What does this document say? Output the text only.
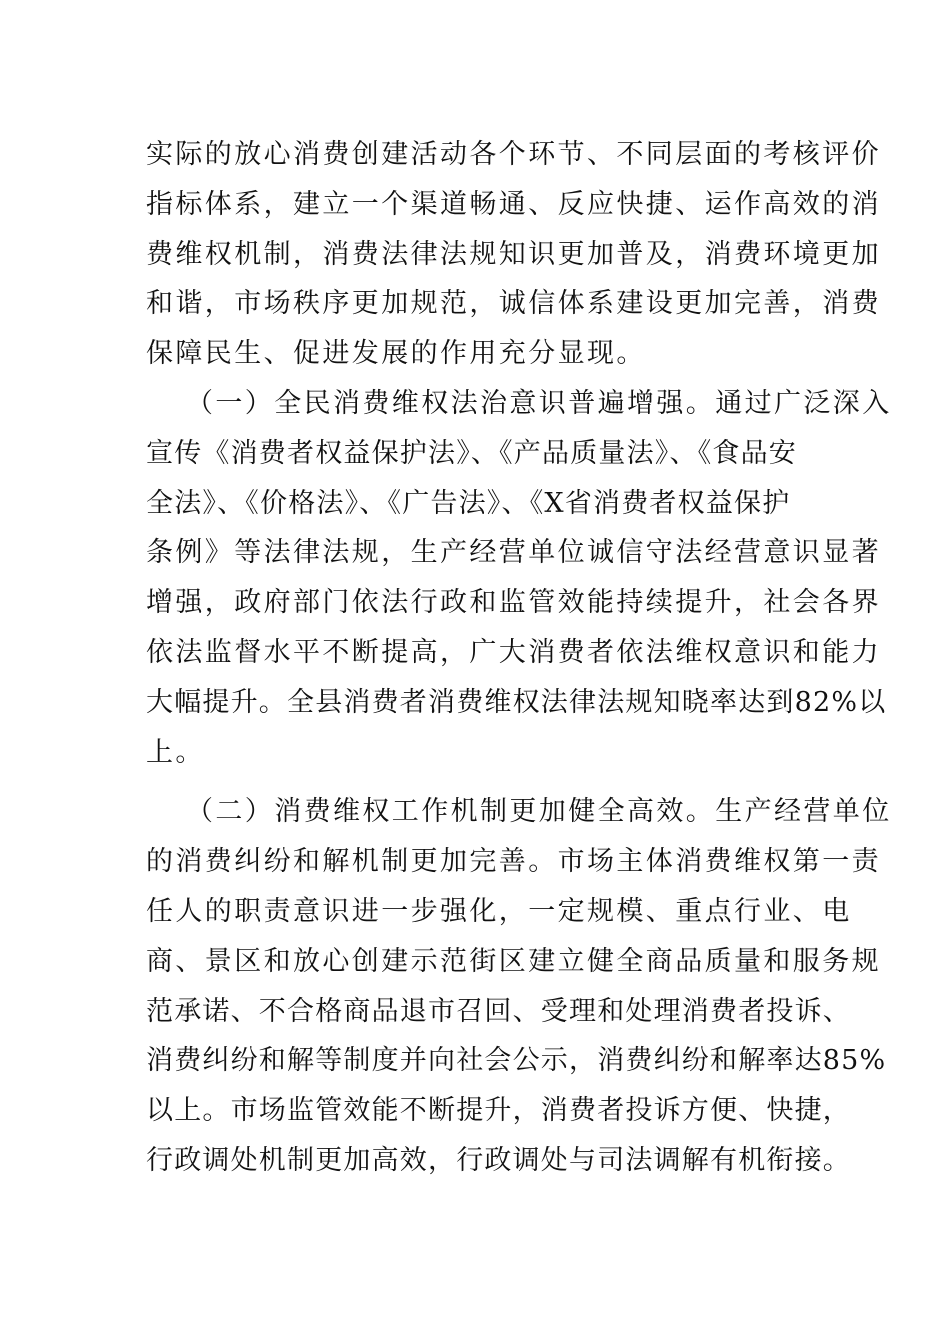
实际的放心消费创建活动各个环节、不同层面的考核评价
指标体系，建立一个渠道畅通、反应快捷、运作高效的消
费维权机制，消费法律法规知识更加普及，消费环境更加
和谐，市场秩序更加规范，诚信体系建设更加完善，消费
保障民生、促进发展的作用充分显现。
（一）全民消费维权法治意识普遍增强。通过广泛深入
宣传《消费者权益保护法》、《产品质量法》、《食品安
全法》、《价格法》、《广告法》、《X省消费者权益保护
条例》等法律法规，生产经营单位诚信守法经营意识显著
增强，政府部门依法行政和监管效能持续提升，社会各界
依法监督水平不断提高，广大消费者依法维权意识和能力
大幅提升。全县消费者消费维权法律法规知晓率达到82%以
上。
（二）消费维权工作机制更加健全高效。生产经营单位
的消费纠纷和解机制更加完善。市场主体消费维权第一责
任人的职责意识进一步强化，一定规模、重点行业、电
商、景区和放心创建示范街区建立健全商品质量和服务规
范承诺、不合格商品退市召回、受理和处理消费者投诉、
消费纠纷和解等制度并向社会公示，消费纠纷和解率达85%
以上。市场监管效能不断提升，消费者投诉方便、快捷，
行政调处机制更加高效，行政调处与司法调解有机衔接。
